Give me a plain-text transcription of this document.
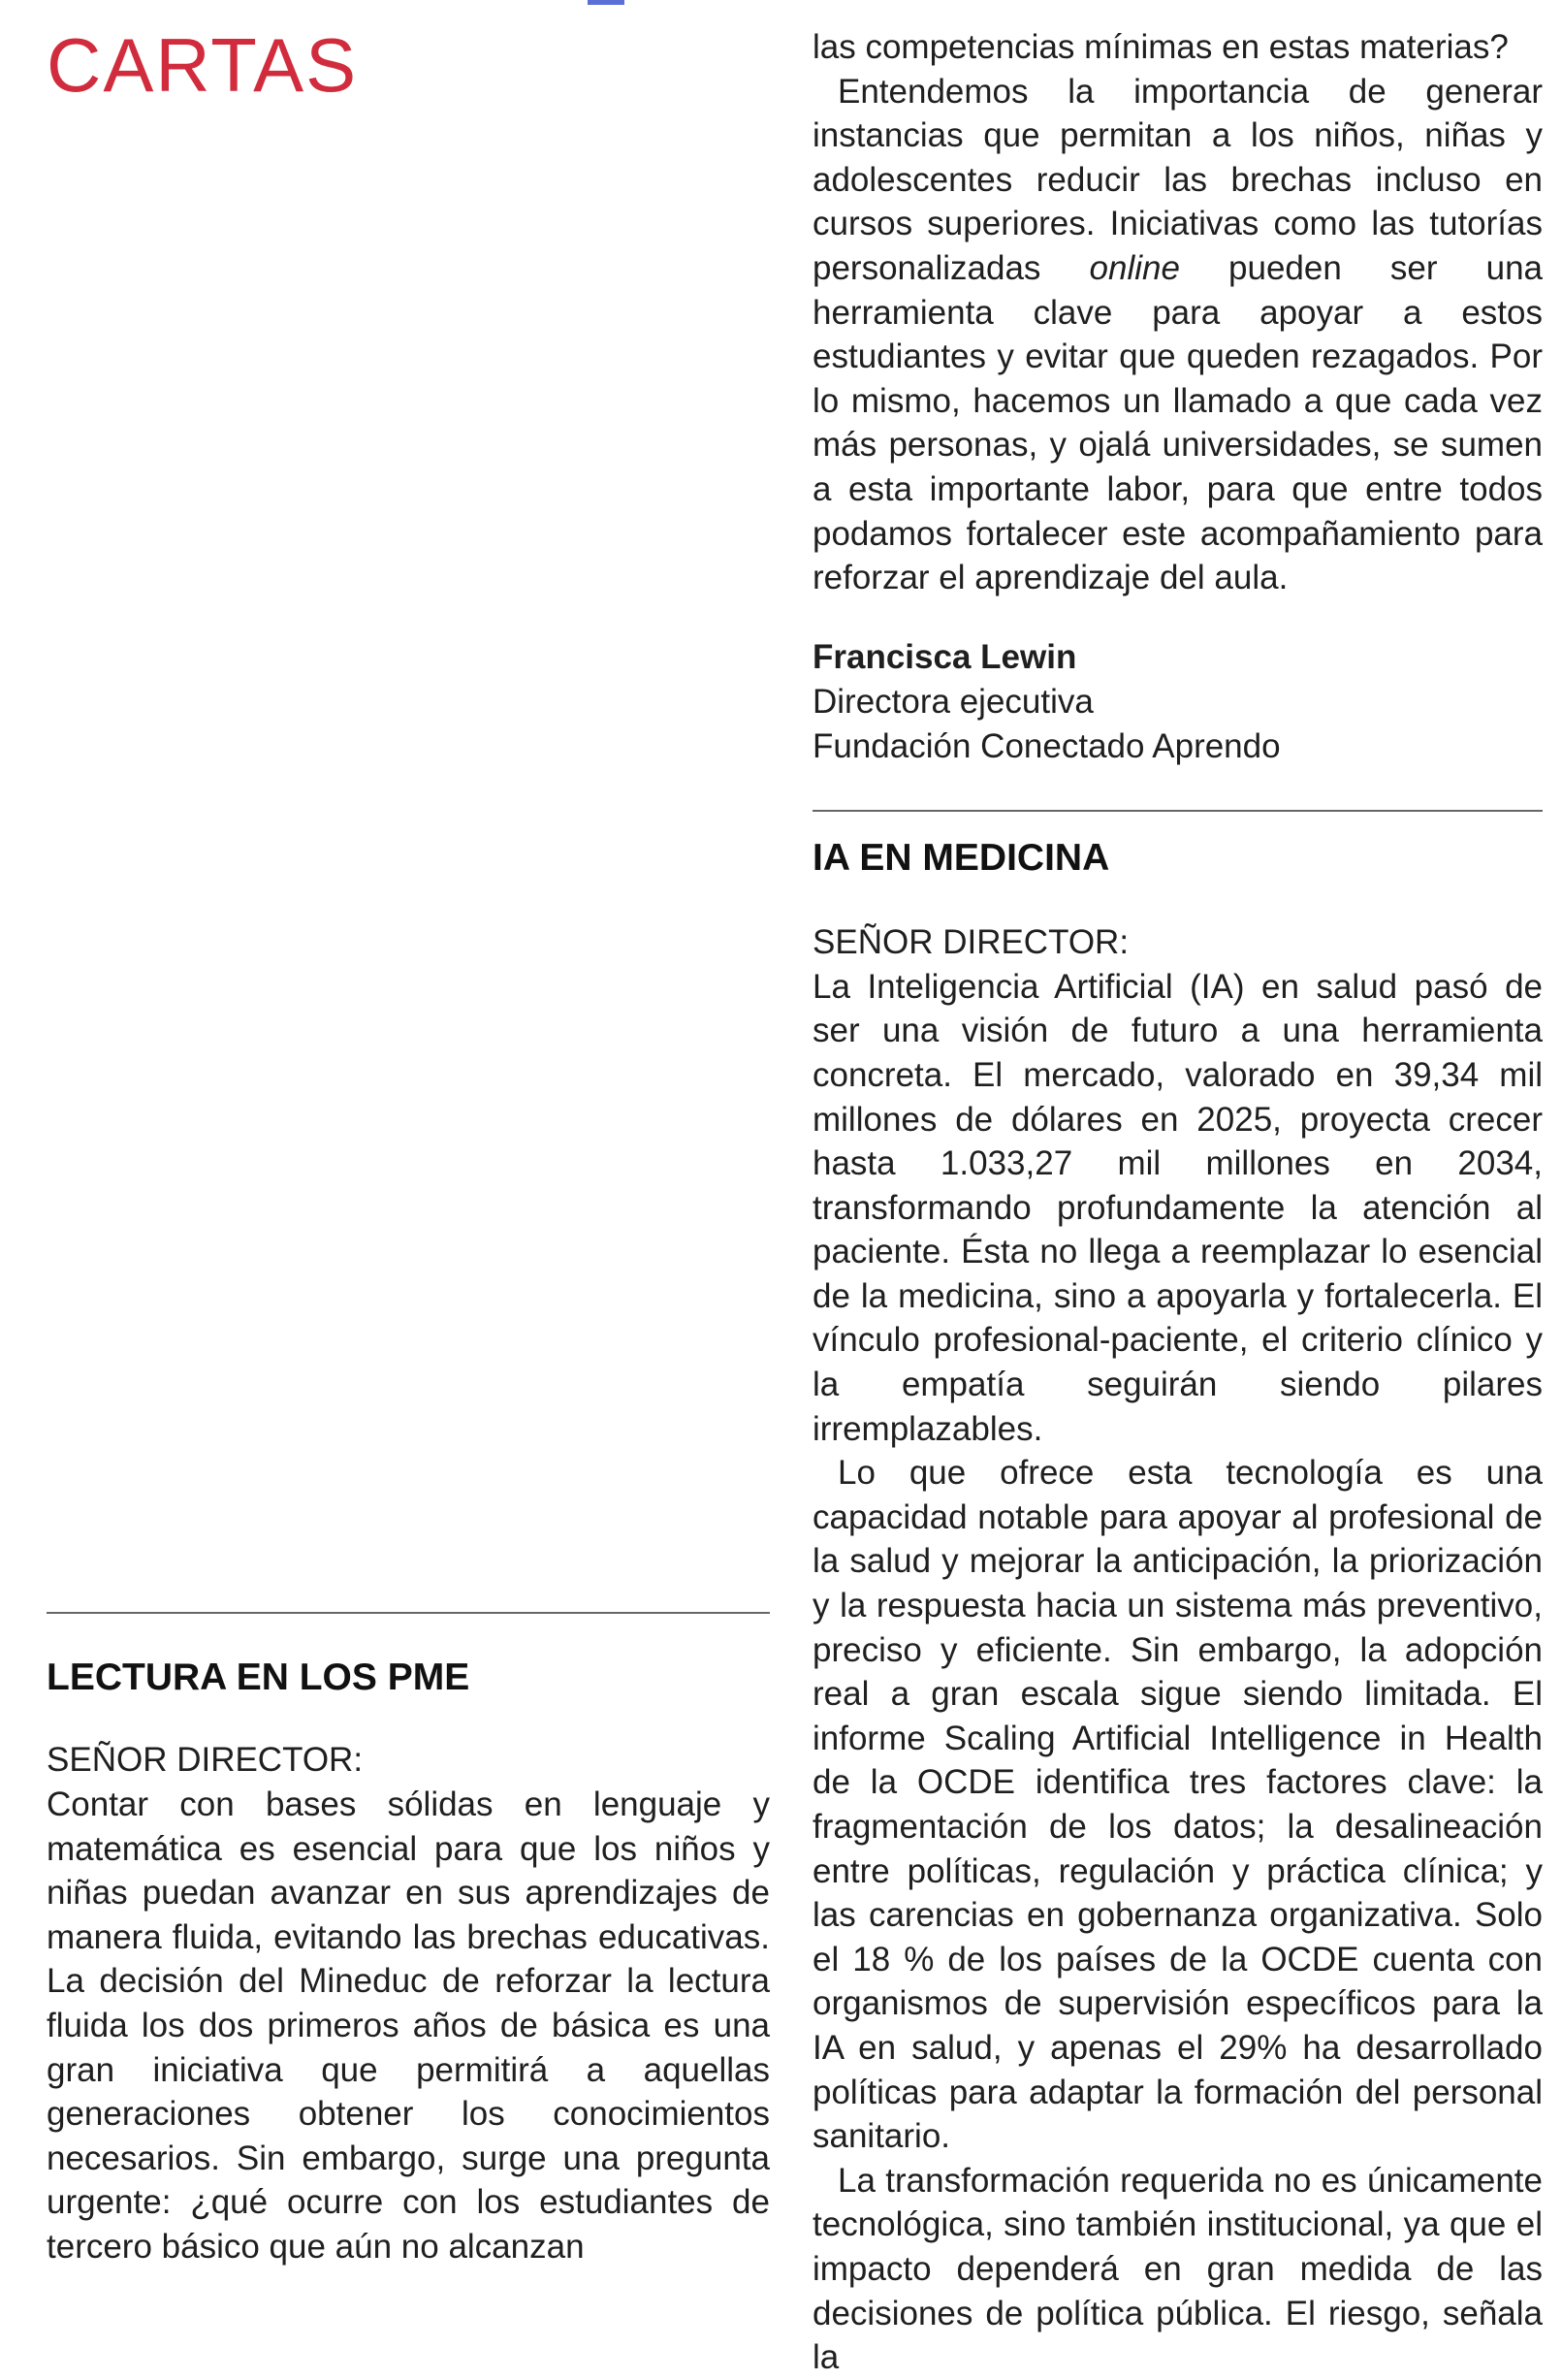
CARTAS
LECTURA EN LOS PME

SEÑOR DIRECTOR:

Contar con bases sólidas en lenguaje y matemática es esencial para que los niños y niñas puedan avanzar en sus aprendizajes de manera fluida, evitando las brechas educativas. La decisión del Mineduc de reforzar la lectura fluida los dos primeros años de básica es una gran iniciativa que permitirá a aquellas generaciones obtener los conocimientos necesarios. Sin embargo, surge una pregunta urgente: ¿qué ocurre con los estudiantes de tercero básico que aún no alcanzan

las competencias mínimas en estas materias?

Entendemos la importancia de generar instancias que permitan a los niños, niñas y adolescentes reducir las brechas incluso en cursos superiores. Iniciativas como las tutorías personalizadas online pueden ser una herramienta clave para apoyar a estos estudiantes y evitar que queden rezagados. Por lo mismo, hacemos un llamado a que cada vez más personas, y ojalá universidades, se sumen a esta importante labor, para que entre todos podamos fortalecer este acompañamiento para reforzar el aprendizaje del aula.

Francisca Lewin

Directora ejecutiva

Fundación Conectado Aprendo

IA EN MEDICINA

SEÑOR DIRECTOR:

La Inteligencia Artificial (IA) en salud pasó de ser una visión de futuro a una herramienta concreta. El mercado, valorado en 39,34 mil millones de dólares en 2025, proyecta crecer hasta 1.033,27 mil millones en 2034, transformando profundamente la atención al paciente. Ésta no llega a reemplazar lo esencial de la medicina, sino a apoyarla y fortalecerla. El vínculo profesional-paciente, el criterio clínico y la empatía seguirán siendo pilares irremplazables.

Lo que ofrece esta tecnología es una capacidad notable para apoyar al profesional de la salud y mejorar la anticipación, la priorización y la respuesta hacia un sistema más preventivo, preciso y eficiente. Sin embargo, la adopción real a gran escala sigue siendo limitada. El informe Scaling Artificial Intelligence in Health de la OCDE identifica tres factores clave: la fragmentación de los datos; la desalineación entre políticas, regulación y práctica clínica; y las carencias en gobernanza organizativa. Solo el 18 % de los países de la OCDE cuenta con organismos de supervisión específicos para la IA en salud, y apenas el 29% ha desarrollado políticas para adaptar la formación del personal sanitario.

La transformación requerida no es únicamente tecnológica, sino también institucional, ya que el impacto dependerá en gran medida de las decisiones de política pública. El riesgo, señala la
